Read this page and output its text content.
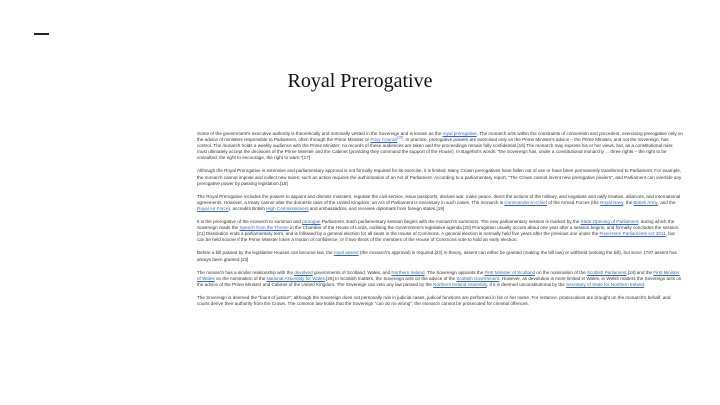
Royal Prerogative

Some of the government's executive authority is theoretically and nominally vested in the Sovereign and is known as the royal prerogative. The monarch acts within the constraints of convention and precedent, exercising prerogative only on the advice of ministers responsible to Parliament, often through the Prime Minister or Privy Council[15]. In practice, prerogative powers are exercised only on the Prime Minister's advice – the Prime Minister, and not the Sovereign, has control. The monarch holds a weekly audience with the Prime Minister; no records of these audiences are taken and the proceedings remain fully confidential.[16] The monarch may express his or her views, but, as a constitutional ruler, must ultimately accept the decisions of the Prime Minister and the Cabinet (providing they command the support of the House). In Bagehot's words: "the Sovereign has, under a constitutional monarchy ... three rights – the right to be consulted, the right to encourage, the right to warn."[17]

Although the Royal Prerogative is extensive and parliamentary approval is not formally required for its exercise, it is limited. Many Crown prerogatives have fallen out of use or have been permanently transferred to Parliament. For example, the monarch cannot impose and collect new taxes; such an action requires the authorisation of an Act of Parliament. According to a parliamentary report, "The Crown cannot invent new prerogative powers", and Parliament can override any prerogative power by passing legislation.[18]

The Royal Prerogative includes the powers to appoint and dismiss ministers, regulate the civil service, issue passports, declare war, make peace, direct the actions of the military, and negotiate and ratify treaties, alliances, and international agreements. However, a treaty cannot alter the domestic laws of the United Kingdom; an Act of Parliament is necessary in such cases. The monarch is Commander-in-Chief of the Armed Forces (the Royal Navy, the British Army, and the Royal Air Force), accredits British High Commissioners and ambassadors, and receives diplomats from foreign states.[19]

It is the prerogative of the monarch to summon and prorogue Parliament. Each parliamentary session begins with the monarch's summons. The new parliamentary session is marked by the State Opening of Parliament, during which the Sovereign reads the Speech from the Throne in the Chamber of the House of Lords, outlining the Government's legislative agenda.[20] Prorogation usually occurs about one year after a session begins, and formally concludes the session.[21] Dissolution ends a parliamentary term, and is followed by a general election for all seats in the House of Commons. A general election is normally held five years after the previous one under the Fixed-term Parliaments Act 2011, but can be held sooner if the Prime Minister loses a motion of confidence, or if two-thirds of the members of the House of Commons vote to hold an early election.

Before a bill passed by the legislative Houses can become law, the royal assent (the monarch's approval) is required.[22] In theory, assent can either be granted (making the bill law) or withheld (vetoing the bill), but since 1707 assent has always been granted.[23]

The monarch has a similar relationship with the devolved governments of Scotland, Wales, and Northern Ireland. The Sovereign appoints the First Minister of Scotland on the nomination of the Scottish Parliament,[24] and the First Minister of Wales on the nomination of the National Assembly for Wales.[25] In Scottish matters, the Sovereign acts on the advice of the Scottish Government. However, as devolution is more limited in Wales, in Welsh matters the Sovereign acts on the advice of the Prime Minister and Cabinet of the United Kingdom. The Sovereign can veto any law passed by the Northern Ireland Assembly, if it is deemed unconstitutional by the Secretary of State for Northern Ireland.

The Sovereign is deemed the "fount of justice"; although the Sovereign does not personally rule in judicial cases, judicial functions are performed in his or her name. For instance, prosecutions are brought on the monarch's behalf, and courts derive their authority from the Crown. The common law holds that the Sovereign "can do no wrong"; the monarch cannot be prosecuted for criminal offences.
